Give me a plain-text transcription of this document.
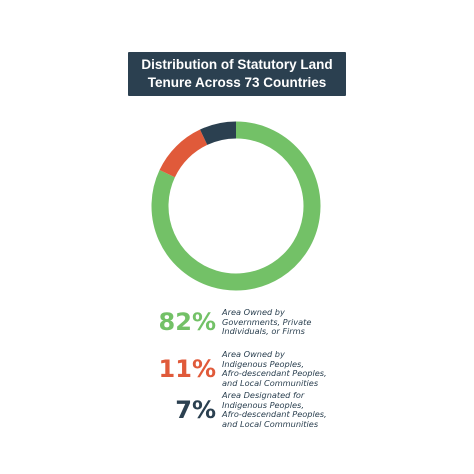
Distribution of Statutory Land
Tenure Across 73 Countries
82% Area Owned by
Governments, Private
Individuals, or Firms
11%
Area Owned by
Indigenous Peoples,
Afro-descendant Peoples,
and Local Communities
7%
Area Designated for
Indigenous Peoples,
Afro-descendant Peoples,
and Local Communities
